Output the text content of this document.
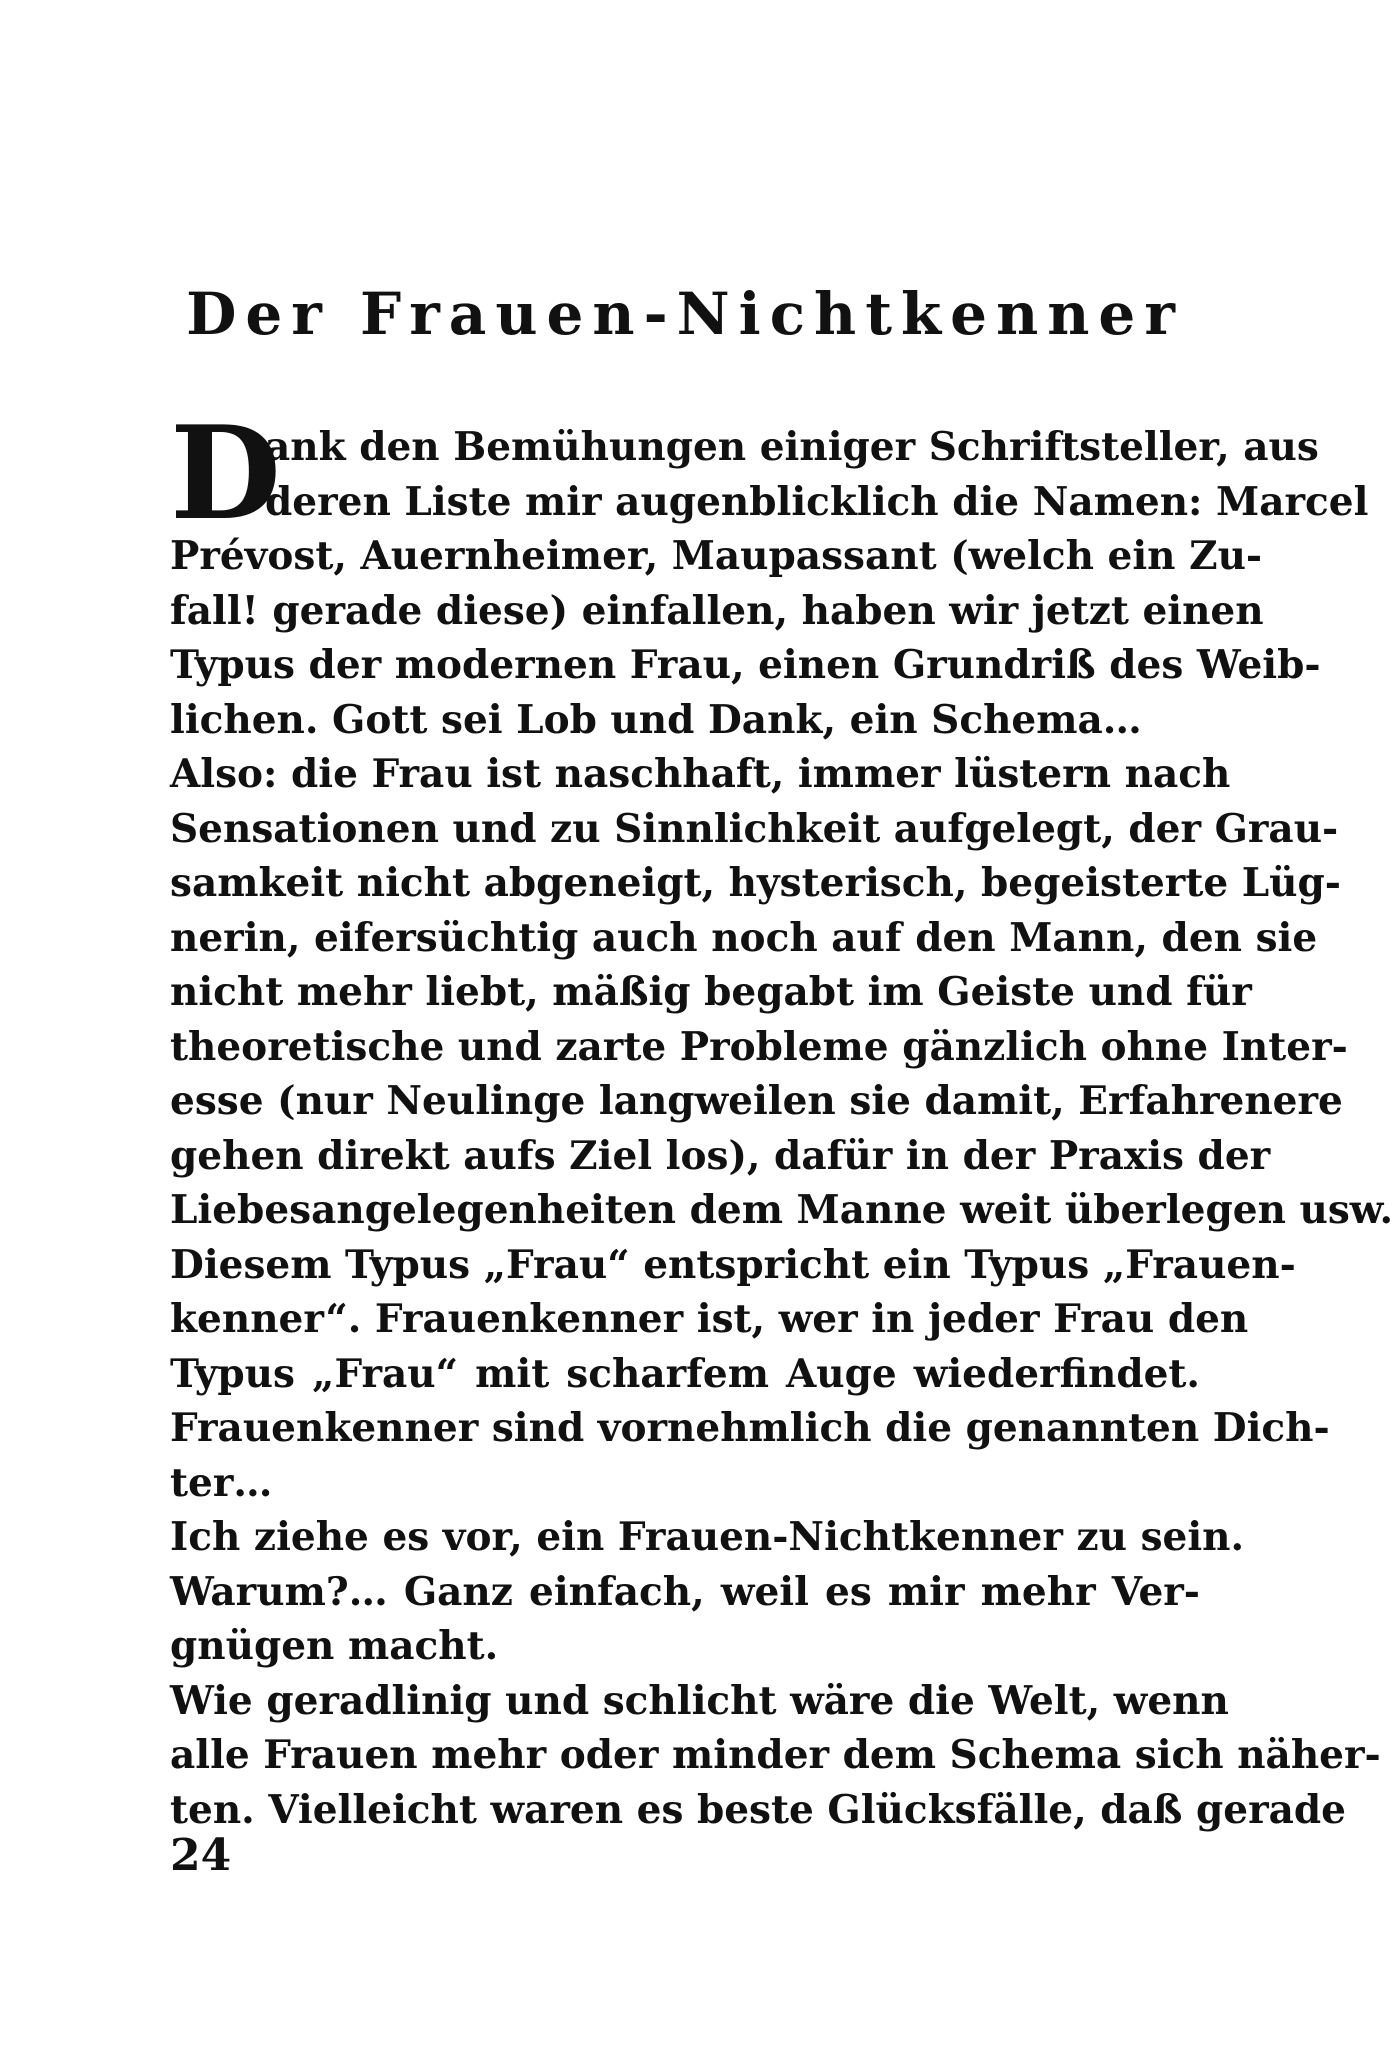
Der Frauen-Nichtkenner
D
ank den Bemühungen einiger Schriftsteller, aus
deren Liste mir augenblicklich die Namen: Marcel
Prévost, Auernheimer, Maupassant (welch ein Zu-
fall! gerade diese) einfallen, haben wir jetzt einen
Typus der modernen Frau, einen Grundriß des Weib-
lichen. Gott sei Lob und Dank, ein Schema…
Also: die Frau ist naschhaft, immer lüstern nach
Sensationen und zu Sinnlichkeit aufgelegt, der Grau-
samkeit nicht abgeneigt, hysterisch, begeisterte Lüg-
nerin, eifersüchtig auch noch auf den Mann, den sie
nicht mehr liebt, mäßig begabt im Geiste und für
theoretische und zarte Probleme gänzlich ohne Inter-
esse (nur Neulinge langweilen sie damit, Erfahrenere
gehen direkt aufs Ziel los), dafür in der Praxis der
Liebesangelegenheiten dem Manne weit überlegen usw.
Diesem Typus „Frau“ entspricht ein Typus „Frauen-
kenner“. Frauenkenner ist, wer in jeder Frau den
Typus „Frau“ mit scharfem Auge wiederfindet.
Frauenkenner sind vornehmlich die genannten Dich-
ter…
Ich ziehe es vor, ein Frauen-Nichtkenner zu sein.
Warum?… Ganz einfach, weil es mir mehr Ver-
gnügen macht.
Wie geradlinig und schlicht wäre die Welt, wenn
alle Frauen mehr oder minder dem Schema sich näher-
ten. Vielleicht waren es beste Glücksfälle, daß gerade
24
